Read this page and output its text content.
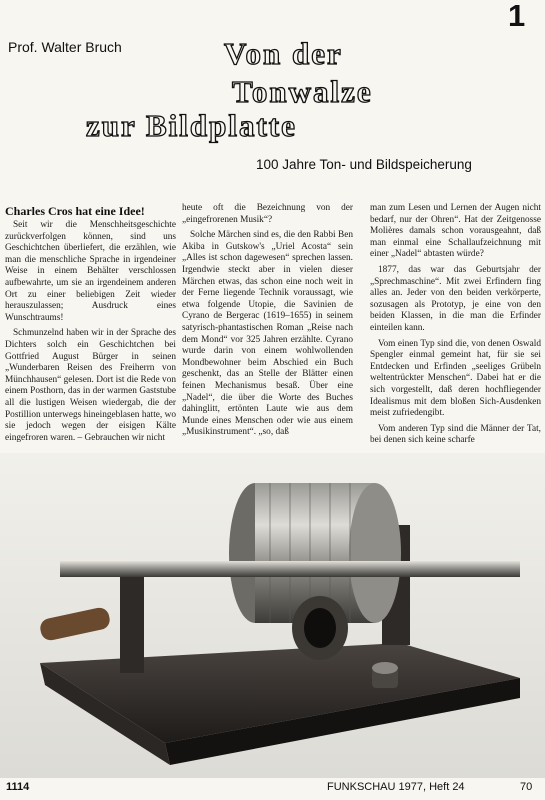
1
Prof. Walter Bruch	Von der
Tonwalze
zur Bildplatte
100 Jahre Ton- und Bildspeicherung
Charles Cros hat eine Idee!

Seit wir die Menschheitsgeschichte zurückverfolgen können, sind uns Geschichtchen überliefert, die erzählen, wie man die menschliche Sprache in irgendeiner Weise in einem Behälter verschlossen aufbewahrte, um sie an irgendeinem anderen Ort zu einer beliebigen Zeit wieder herauszulassen; Ausdruck eines Wunschtraums!

Schmunzelnd haben wir in der Sprache des Dichters solch ein Geschichtchen bei Gottfried August Bürger in seinen „Wunderbaren Reisen des Freiherrn von Münchhausen“ gelesen. Dort ist die Rede von einem Posthorn, das in der warmen Gaststube all die lustigen Weisen wiedergab, die der Postillion unterwegs hineingeblasen hatte, wo sie jedoch wegen der eisigen Kälte eingefroren waren. – Gebrauchen wir nicht

heute oft die Bezeichnung von der „eingefrorenen Musik“?

Solche Märchen sind es, die den Rabbi Ben Akiba in Gutskow's „Uriel Acosta“ sein „Alles ist schon dagewesen“ sprechen lassen. Irgendwie steckt aber in vielen dieser Märchen etwas, das schon eine noch weit in der Ferne liegende Technik voraussagt, wie etwa folgende Utopie, die Savinien de Cyrano de Bergerac (1619–1655) in seinem satyrisch-phantastischen Roman „Reise nach dem Mond“ vor 325 Jahren erzählte. Cyrano wurde darin von einem wohlwollenden Mondbewohner beim Abschied ein Buch geschenkt, das an Stelle der Blätter einen feinen Mechanismus besaß. Über eine „Nadel“, die über die Worte des Buches dahinglitt, ertönten Laute wie aus dem Munde eines Menschen oder wie aus einem „Musikinstrument“. „so, daß

man zum Lesen und Lernen der Augen nicht bedarf, nur der Ohren“. Hat der Zeitgenosse Molières damals schon vorausgeahnt, daß man einmal eine Schallaufzeichnung mit einer „Nadel“ abtasten würde?

1877, das war das Geburtsjahr der „Sprechmaschine“. Mit zwei Erfindern fing alles an. Jeder von den beiden verkörperte, sozusagen als Prototyp, je eine von den beiden Klassen, in die man die Erfinder einteilen kann.

Vom einen Typ sind die, von denen Oswald Spengler einmal gemeint hat, für sie sei Entdecken und Erfinden „seeliges Grübeln weltentrückter Menschen“. Dabei hat er die sich vorgestellt, daß deren hochfliegender Idealismus mit dem bloßen Sich-Ausdenken meist zufriedengibt.

Vom anderen Typ sind die Männer der Tat, bei denen sich keine scharfe

1114	FUNKSCHAU 1977, Heft 24	70
